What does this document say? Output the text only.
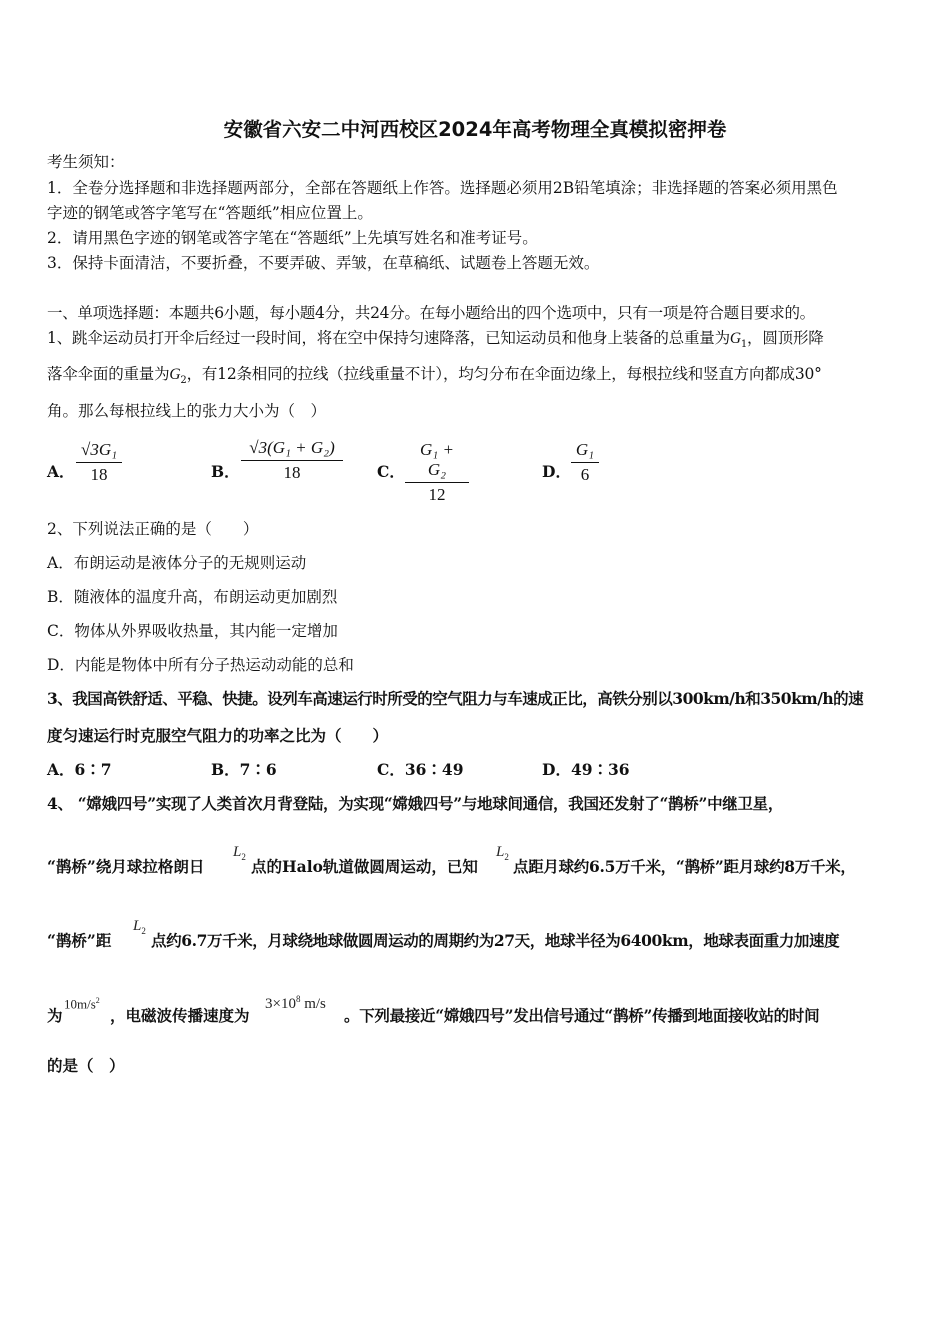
安徽省六安二中河西校区2024年高考物理全真模拟密押卷
考生须知：
1．全卷分选择题和非选择题两部分，全部在答题纸上作答。选择题必须用2B铅笔填涂；非选择题的答案必须用黑色
字迹的钢笔或答字笔写在“答题纸”相应位置上。
2．请用黑色字迹的钢笔或答字笔在“答题纸”上先填写姓名和准考证号。
3．保持卡面清洁，不要折叠，不要弄破、弄皱，在草稿纸、试题卷上答题无效。
一、单项选择题：本题共6小题，每小题4分，共24分。在每小题给出的四个选项中，只有一项是符合题目要求的。
1、跳伞运动员打开伞后经过一段时间，将在空中保持匀速降落，已知运动员和他身上装备的总重量为$G_1$，圆顶形降
落伞伞面的重量为$G_2$，有12条相同的拉线（拉线重量不计），均匀分布在伞面边缘上，每根拉线和竖直方向都成30°
角。那么每根拉线上的张力大小为（　）
A．
√3G₁
18	B．
√3(G₁ + G₂)
18	C．
G₁ + G₂
12
D．
G₁
6
2、下列说法正确的是（　　）
A．布朗运动是液体分子的无规则运动
B．随液体的温度升高，布朗运动更加剧烈
C．物体从外界吸收热量，其内能一定增加
D．内能是物体中所有分子热运动动能的总和
3、我国高铁舒适、平稳、快捷。设列车高速运行时所受的空气阻力与车速成正比，高铁分别以300km/h和350km/h的速
度匀速运行时克服空气阻力的功率之比为（　　）
A．6∶7	B．7∶6	C．36∶49	D．49∶36
4、 “嫦娥四号”实现了人类首次月背登陆，为实现“嫦娥四号”与地球间通信，我国还发射了“鹊桥”中继卫星，
“鹊桥”绕月球拉格朗日
$L_2$ 点的Halo轨道做圆周运动，已知
$L_2$ 点距月球约6.5万千米，“鹊桥”距月球约8万千米，
“鹊桥”距
$L_2$ 点约6.7万千米，月球绕地球做圆周运动的周期约为27天，地球半径为6400km，地球表面重力加速度
为
$10m/s^2$
，电磁波传播速度为
$3\times 10^8$ m/s
。下列最接近“嫦娥四号”发出信号通过“鹊桥”传播到地面接收站的时间
的是（　）
